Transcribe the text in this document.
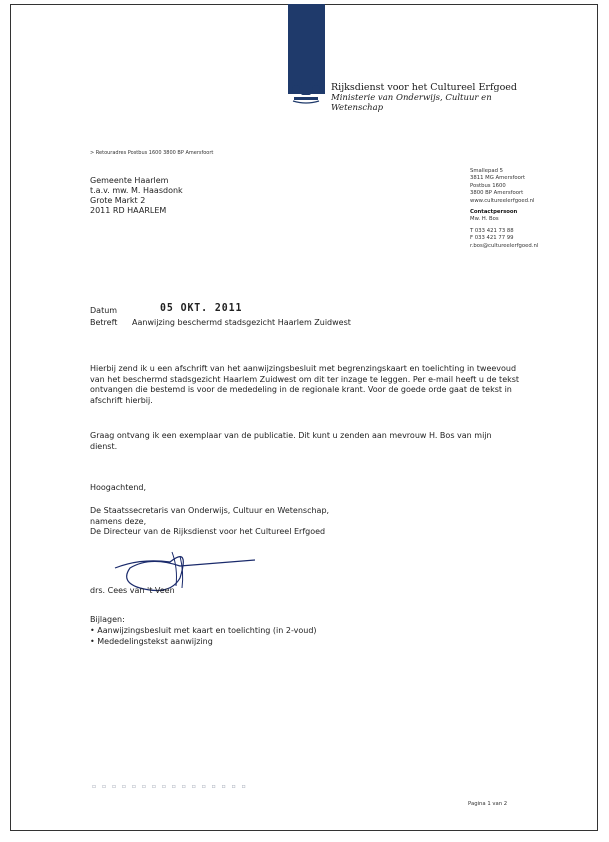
Rijksdienst voor het Cultureel Erfgoed
Ministerie van Onderwijs, Cultuur en
Wetenschap
> Retouradres Postbus 1600 3800 BP Amersfoort
Gemeente Haarlem
t.a.v. mw. M. Haasdonk
Grote Markt 2
2011 RD HAARLEM
Smallepad 5
3811 MG Amersfoort
Postbus 1600
3800 BP Amersfoort
www.cultureelerfgoed.nl
Contactpersoon
Mw. H. Bos
T 033 421 73 88
F 033 421 77 99
r.bos@cultureelerfgoed.nl
Datum	05 OKT. 2011
Betreft Aanwijzing beschermd stadsgezicht Haarlem Zuidwest

Hierbij zend ik u een afschrift van het aanwijzingsbesluit met begrenzingskaart en toelichting in tweevoud van het beschermd stadsgezicht Haarlem Zuidwest om dit ter inzage te leggen. Per e-mail heeft u de tekst ontvangen die bestemd is voor de mededeling in de regionale krant. Voor de goede orde gaat de tekst in afschrift hierbij.

Graag ontvang ik een exemplaar van de publicatie. Dit kunt u zenden aan mevrouw H. Bos van mijn dienst.

Hoogachtend,

De Staatssecretaris van Onderwijs, Cultuur en Wetenschap,
namens deze,
De Directeur van de Rijksdienst voor het Cultureel Erfgoed

drs. Cees van 't Veen

Bijlagen:
• Aanwijzingsbesluit met kaart en toelichting (in 2-voud)
• Mededelingstekst aanwijzing
▫ ▫ ▫ ▫ ▫ ▫ ▫ ▫ ▫ ▫ ▫ ▫ ▫ ▫ ▫ ▫
Pagina 1 van 2
